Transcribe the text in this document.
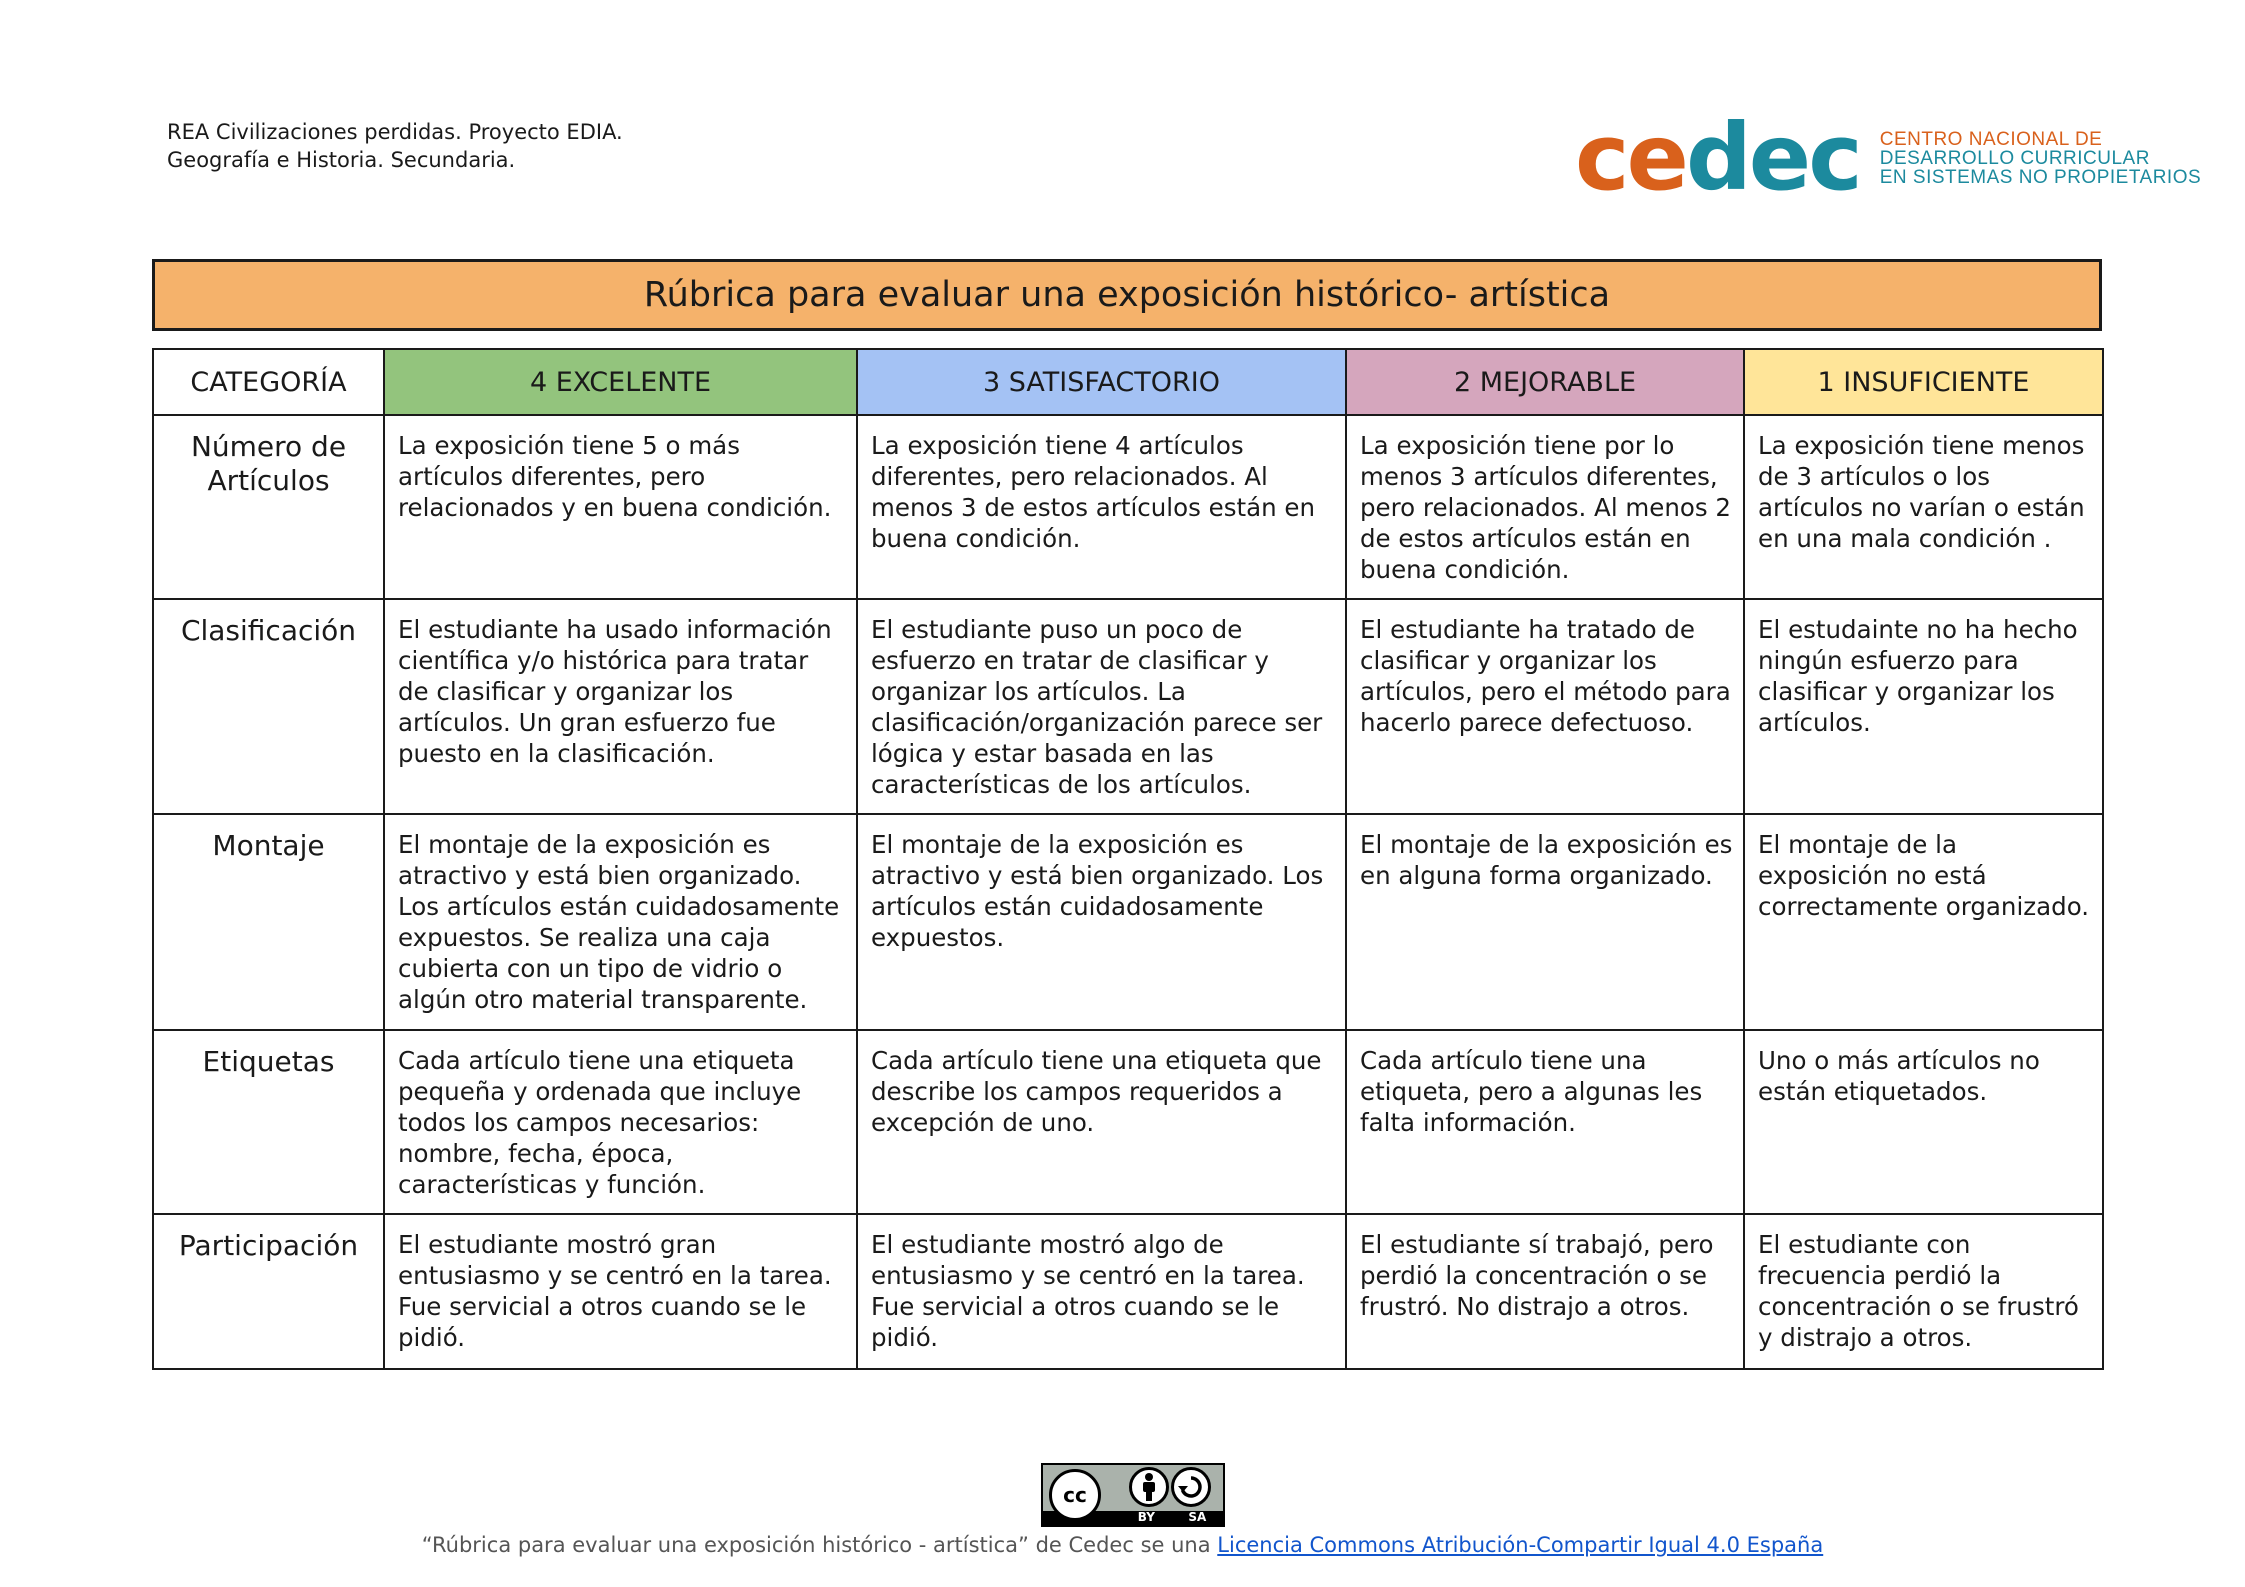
REA Civilizaciones perdidas. Proyecto EDIA.
Geografía e Historia. Secundaria.	cedec CENTRO NACIONAL DE
DESARROLLO CURRICULAR
EN SISTEMAS NO PROPIETARIOS
Rúbrica para evaluar una exposición histórico- artística
CATEGORÍA	4 EXCELENTE	3 SATISFACTORIO	2 MEJORABLE	1 INSUFICIENTE
Número de Artículos	La exposición tiene 5 o más artículos diferentes, pero relacionados y en buena condición.	La exposición tiene 4 artículos diferentes, pero relacionados. Al menos 3 de estos artículos están en buena condición.	La exposición tiene por lo menos 3 artículos diferentes, pero relacionados. Al menos 2 de estos artículos están en buena condición.	La exposición tiene menos de 3 artículos o los artículos no varían o están en una mala condición .
Clasificación	El estudiante ha usado información científica y/o histórica para tratar de clasificar y organizar los artículos. Un gran esfuerzo fue puesto en la clasificación.	El estudiante puso un poco de esfuerzo en tratar de clasificar y organizar los artículos. La clasificación/organización parece ser lógica y estar basada en las características de los artículos.	El estudiante ha tratado de clasificar y organizar los artículos, pero el método para hacerlo parece defectuoso.	El estudainte no ha hecho ningún esfuerzo para clasificar y organizar los artículos.
Montaje	El montaje de la exposición es atractivo y está bien organizado. Los artículos están cuidadosamente expuestos. Se realiza una caja cubierta con un tipo de vidrio o algún otro material transparente.	El montaje de la exposición es atractivo y está bien organizado. Los artículos están cuidadosamente expuestos.	El montaje de la exposición es en alguna forma organizado.	El montaje de la exposición no está correctamente organizado.
Etiquetas	Cada artículo tiene una etiqueta pequeña y ordenada que incluye todos los campos necesarios: nombre, fecha, época, características y función.	Cada artículo tiene una etiqueta que describe los campos requeridos a excepción de uno.	Cada artículo tiene una etiqueta, pero a algunas les falta información.	Uno o más artículos no están etiquetados.
Participación	El estudiante mostró gran entusiasmo y se centró en la tarea. Fue servicial a otros cuando se le pidió.	El estudiante mostró algo de entusiasmo y se centró en la tarea. Fue servicial a otros cuando se le pidió.	El estudiante sí trabajó, pero perdió la concentración o se frustró. No distrajo a otros.	El estudiante con frecuencia perdió la concentración o se frustró y distrajo a otros.
cc
BY	SA
“Rúbrica para evaluar una exposición histórico - artística” de Cedec se una Licencia Commons Atribución-Compartir Igual 4.0 España
